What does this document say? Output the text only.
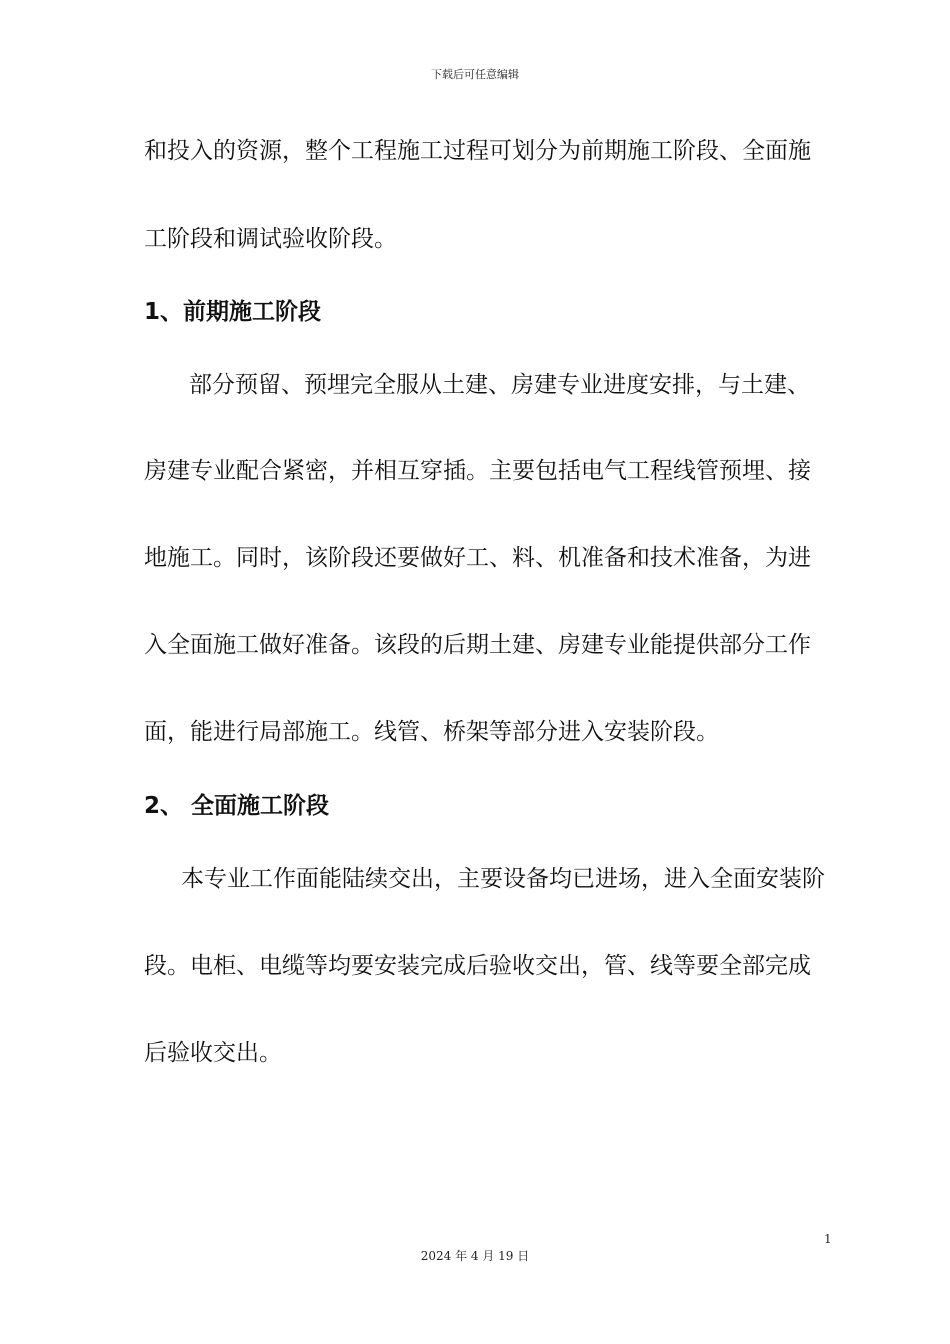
下载后可任意编辑
和投入的资源，整个工程施工过程可划分为前期施工阶段、全面施
工阶段和调试验收阶段。
1、前期施工阶段
部分预留、预埋完全服从土建、房建专业进度安排，与土建、
房建专业配合紧密，并相互穿插。主要包括电气工程线管预埋、接
地施工。同时，该阶段还要做好工、料、机准备和技术准备，为进
入全面施工做好准备。该段的后期土建、房建专业能提供部分工作
面，能进行局部施工。线管、桥架等部分进入安装阶段。
2、 全面施工阶段
本专业工作面能陆续交出，主要设备均已进场，进入全面安装阶
段。电柜、电缆等均要安装完成后验收交出，管、线等要全部完成
后验收交出。
1
2024 年 4 月 19 日
